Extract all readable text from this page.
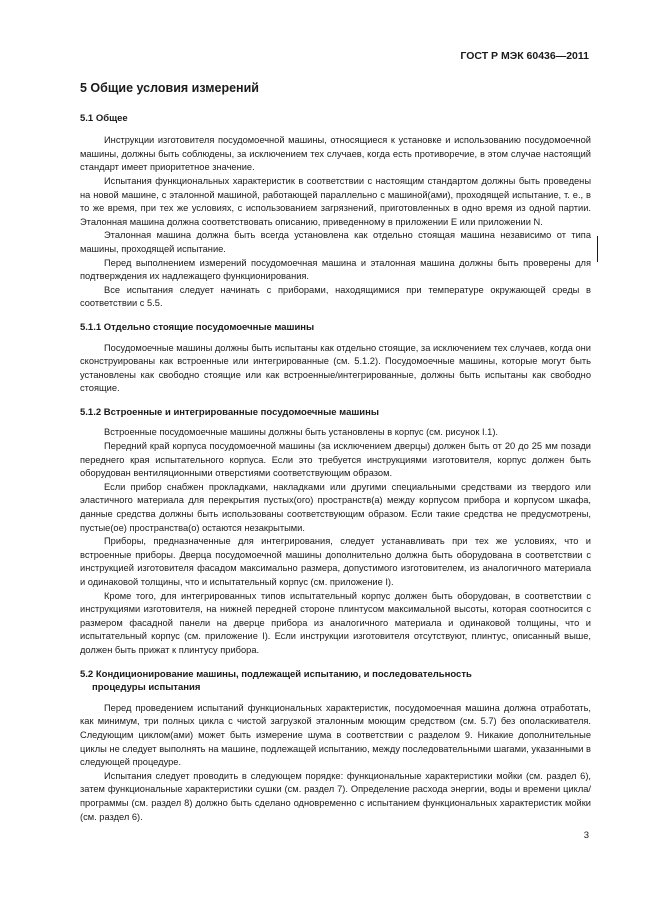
ГОСТ Р МЭК 60436—2011
5 Общие условия измерений
5.1 Общее

Инструкции изготовителя посудомоечной машины, относящиеся к установке и использованию посудомоечной машины, должны быть соблюдены, за исключением тех случаев, когда есть противоречие, в этом случае настоящий стандарт имеет приоритетное значение.

Испытания функциональных характеристик в соответствии с настоящим стандартом должны быть проведены на новой машине, с эталонной машиной, работающей параллельно с машиной(ами), проходящей испытание, т. е., в то же время, при тех же условиях, с использованием загрязнений, приготовленных в одно время из одной партии. Эталонная машина должна соответствовать описанию, приведенному в приложении E или приложении N.

Эталонная машина должна быть всегда установлена как отдельно стоящая машина независимо от типа машины, проходящей испытание.

Перед выполнением измерений посудомоечная машина и эталонная машина должны быть проверены для подтверждения их надлежащего функционирования.

Все испытания следует начинать с приборами, находящимися при температуре окружающей среды в соответствии с 5.5.

5.1.1 Отдельно стоящие посудомоечные машины

Посудомоечные машины должны быть испытаны как отдельно стоящие, за исключением тех случаев, когда они сконструированы как встроенные или интегрированные (см. 5.1.2). Посудомоечные машины, которые могут быть установлены как свободно стоящие или как встроенные/интегрированные, должны быть испытаны как свободно стоящие.

5.1.2 Встроенные и интегрированные посудомоечные машины

Встроенные посудомоечные машины должны быть установлены в корпус (см. рисунок I.1).

Передний край корпуса посудомоечной машины (за исключением дверцы) должен быть от 20 до 25 мм позади переднего края испытательного корпуса. Если это требуется инструкциями изготовителя, корпус должен быть оборудован вентиляционными отверстиями соответствующим образом.

Если прибор снабжен прокладками, накладками или другими специальными средствами из твердого или эластичного материала для перекрытия пустых(ого) пространств(а) между корпусом прибора и корпусом шкафа, данные средства должны быть использованы соответствующим образом. Если такие средства не предусмотрены, пустые(ое) пространства(о) остаются незакрытыми.

Приборы, предназначенные для интегрирования, следует устанавливать при тех же условиях, что и встроенные приборы. Дверца посудомоечной машины дополнительно должна быть оборудована в соответствии с инструкцией изготовителя фасадом максимально размера, допустимого изготовителем, из аналогичного материала и одинаковой толщины, что и испытательный корпус (см. приложение I).

Кроме того, для интегрированных типов испытательный корпус должен быть оборудован, в соответствии с инструкциями изготовителя, на нижней передней стороне плинтусом максимальной высоты, которая соотносится с размером фасадной панели на дверце прибора из аналогичного материала и одинаковой толщины, что и испытательный корпус (см. приложение I). Если инструкции изготовителя отсутствуют, плинтус, описанный выше, должен быть прижат к плинтусу прибора.

5.2 Кондиционирование машины, подлежащей испытанию, и последовательность
процедуры испытания

Перед проведением испытаний функциональных характеристик, посудомоечная машина должна отработать, как минимум, три полных цикла с чистой загрузкой эталонным моющим средством (см. 5.7) без ополаскивателя. Следующим циклом(ами) может быть измерение шума в соответствии с разделом 9. Никакие дополнительные циклы не следует выполнять на машине, подлежащей испытанию, между последовательными шагами, указанными в следующей процедуре.

Испытания следует проводить в следующем порядке: функциональные характеристики мойки (см. раздел 6), затем функциональные характеристики сушки (см. раздел 7). Определение расхода энергии, воды и времени цикла/программы (см. раздел 8) должно быть сделано одновременно с испытанием функциональных характеристик мойки (см. раздел 6).

3
